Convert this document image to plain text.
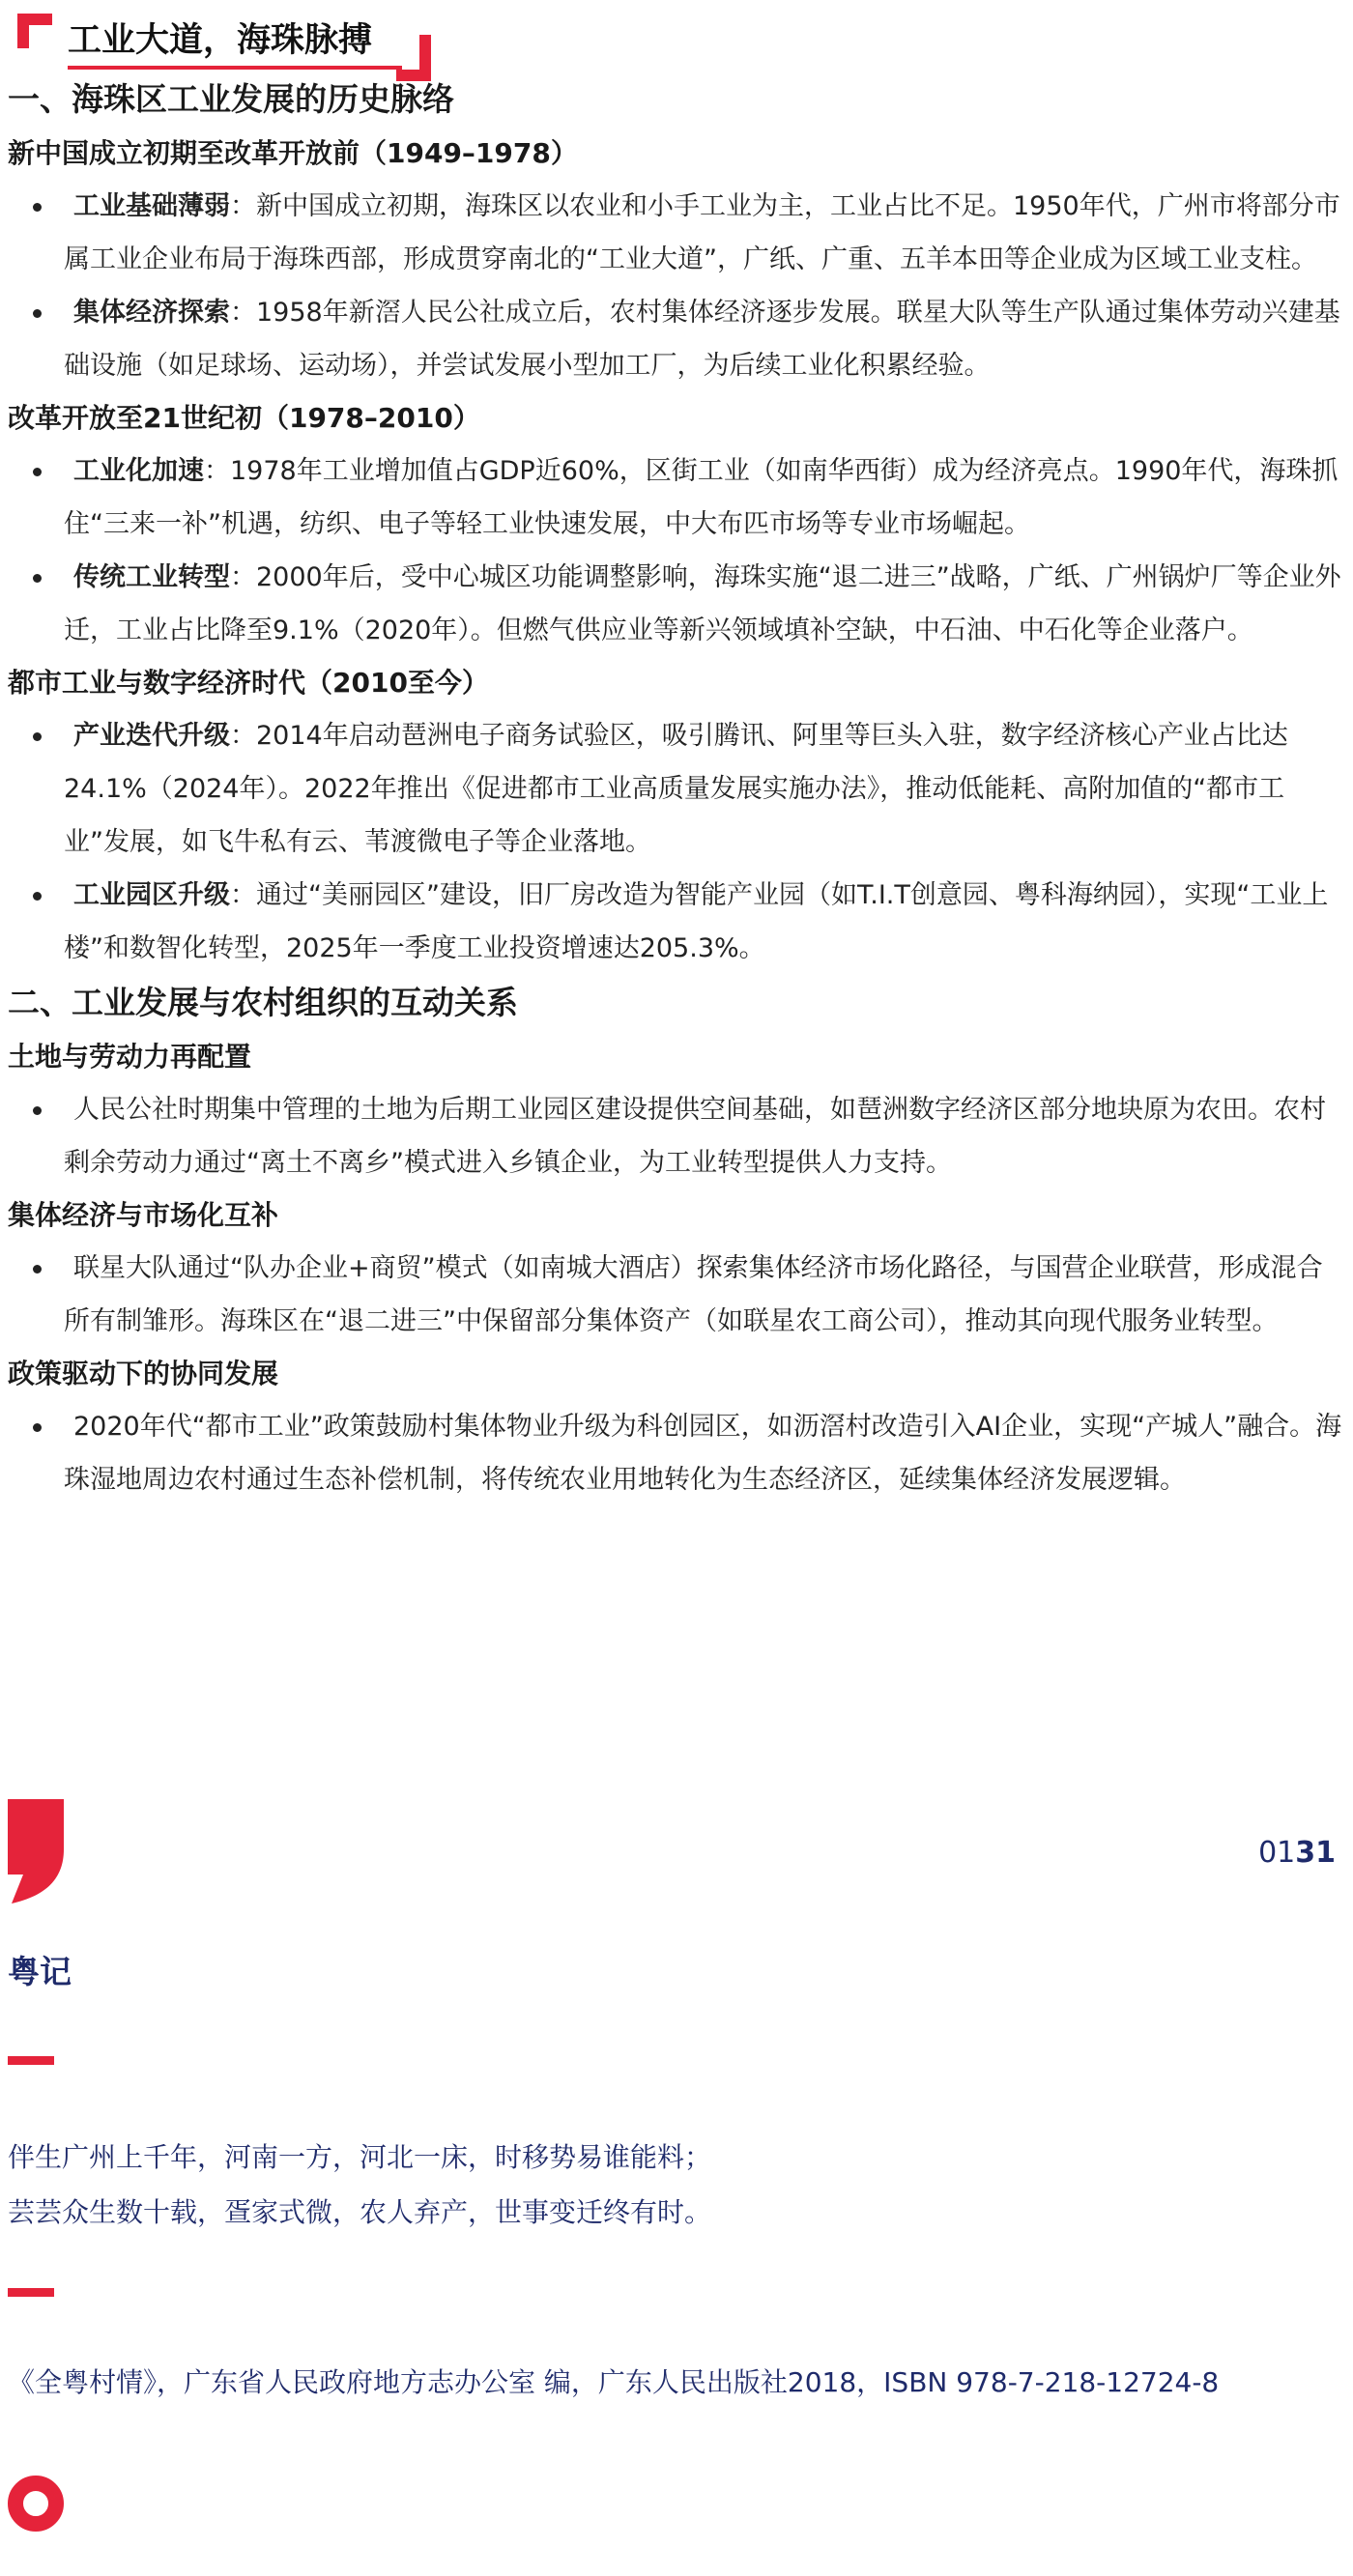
工业大道，海珠脉搏
一、海珠区工业发展的历史脉络
新中国成立初期至改革开放前（1949–1978）
工业基础薄弱：新中国成立初期，海珠区以农业和小手工业为主，工业占比不足。1950年代，广州市将部分市属工业企业布局于海珠西部，形成贯穿南北的“工业大道”，广纸、广重、五羊本田等企业成为区域工业支柱。
集体经济探索：1958年新滘人民公社成立后，农村集体经济逐步发展。联星大队等生产队通过集体劳动兴建基础设施（如足球场、运动场），并尝试发展小型加工厂，为后续工业化积累经验。
改革开放至21世纪初（1978–2010）
工业化加速：1978年工业增加值占GDP近60%，区街工业（如南华西街）成为经济亮点。1990年代，海珠抓住“三来一补”机遇，纺织、电子等轻工业快速发展，中大布匹市场等专业市场崛起。
传统工业转型：2000年后，受中心城区功能调整影响，海珠实施“退二进三”战略，广纸、广州锅炉厂等企业外迁，工业占比降至9.1%（2020年）。但燃气供应业等新兴领域填补空缺，中石油、中石化等企业落户。
都市工业与数字经济时代（2010至今）
产业迭代升级：2014年启动琶洲电子商务试验区，吸引腾讯、阿里等巨头入驻，数字经济核心产业占比达24.1%（2024年）。2022年推出《促进都市工业高质量发展实施办法》，推动低能耗、高附加值的“都市工业”发展，如飞牛私有云、苇渡微电子等企业落地。
工业园区升级：通过“美丽园区”建设，旧厂房改造为智能产业园（如T.I.T创意园、粤科海纳园），实现“工业上楼”和数智化转型，2025年一季度工业投资增速达205.3%。
二、工业发展与农村组织的互动关系
土地与劳动力再配置
人民公社时期集中管理的土地为后期工业园区建设提供空间基础，如琶洲数字经济区部分地块原为农田。农村剩余劳动力通过“离土不离乡”模式进入乡镇企业，为工业转型提供人力支持。
集体经济与市场化互补
联星大队通过“队办企业+商贸”模式（如南城大酒店）探索集体经济市场化路径，与国营企业联营，形成混合所有制雏形。海珠区在“退二进三”中保留部分集体资产（如联星农工商公司），推动其向现代服务业转型。
政策驱动下的协同发展
2020年代“都市工业”政策鼓励村集体物业升级为科创园区，如沥滘村改造引入AI企业，实现“产城人”融合。海珠湿地周边农村通过生态补偿机制，将传统农业用地转化为生态经济区，延续集体经济发展逻辑。
0131
粤记
伴生广州上千年，河南一方，河北一床，时移势易谁能料；
芸芸众生数十载，疍家式微，农人弃产，世事变迁终有时。
《全粤村情》，广东省人民政府地方志办公室 编，广东人民出版社2018，ISBN 978-7-218-12724-8
